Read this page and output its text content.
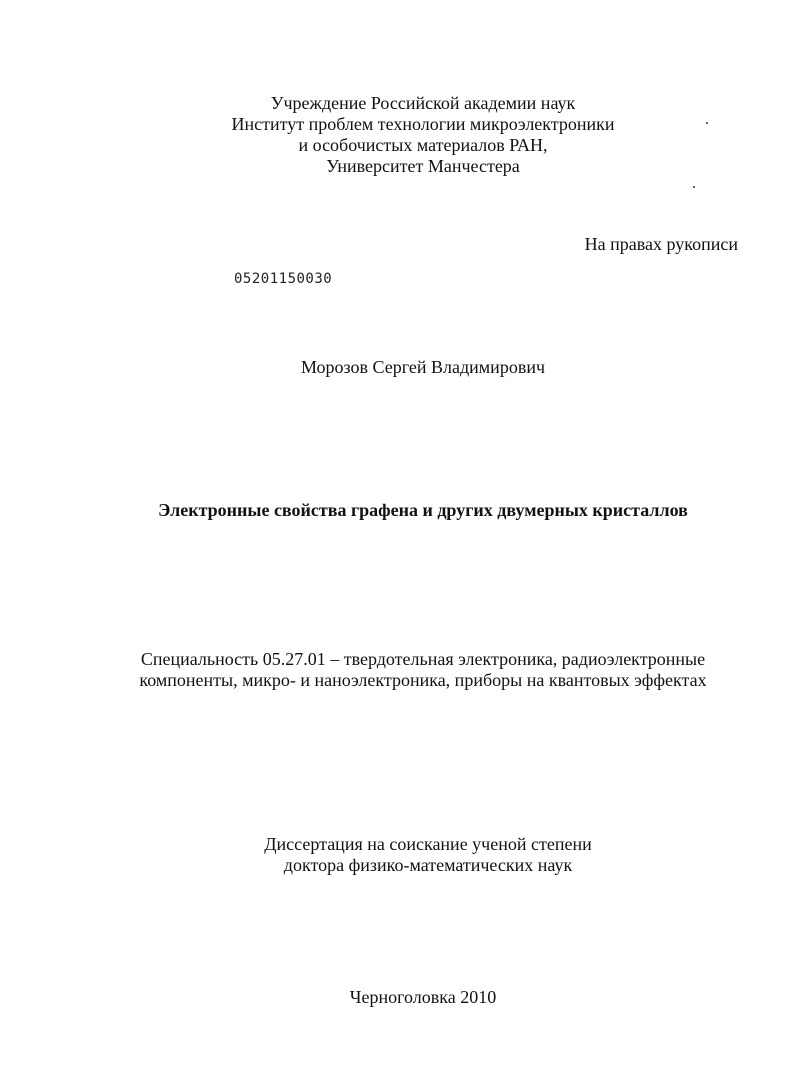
Учреждение Российской академии наук
Институт проблем технологии микроэлектроники
и особочистых материалов РАН,
Университет Манчестера
На правах рукописи
05201150030
Морозов Сергей Владимирович
Электронные свойства графена и других двумерных кристаллов
Специальность 05.27.01 – твердотельная электроника, радиоэлектронные
компоненты, микро- и наноэлектроника, приборы на квантовых эффектах
Диссертация на соискание ученой степени
доктора физико-математических наук
Черноголовка 2010
